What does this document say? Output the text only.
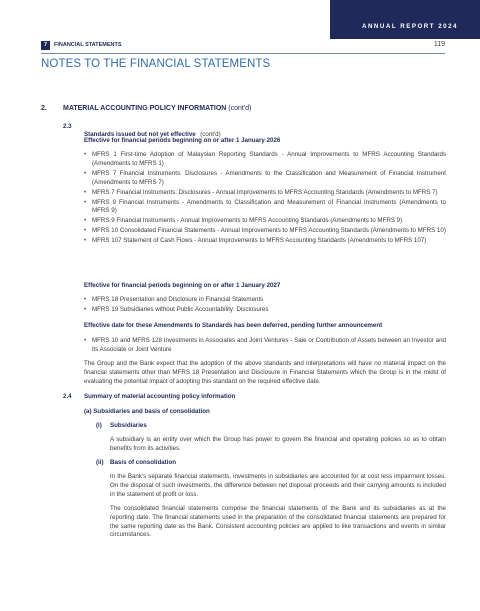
ANNUAL REPORT 2024
7	FINANCIAL STATEMENTS	119
NOTES TO THE FINANCIAL STATEMENTS
2. MATERIAL ACCOUNTING POLICY INFORMATION (cont'd)
2.3
Standards issued but not yet effective (cont'd)
Effective for financial periods beginning on or after 1 January 2026
• MFRS 1 First-time Adoption of Malaysian Reporting Standards - Annual Improvements to MFRS Accounting Standards (Amendments to MFRS 1)
• MFRS 7 Financial Instruments: Disclosures - Amendments to the Classification and Measurement of Financial Instrument (Amendments to MFRS 7)
• MFRS 7 Financial Instruments: Disclosures - Annual Improvements to MFRS Accounting Standards (Amendments to MFRS 7)
• MFRS 9 Financial Instruments - Amendments to Classification and Measurement of Financial Instruments (Amendments to MFRS 9)
• MFRS 9 Financial Instruments - Annual Improvements to MFRS Accounting Standards (Amendments to MFRS 9)
• MFRS 10 Consolidated Financial Statements - Annual Improvements to MFRS Accounting Standards (Amendments to MFRS 10)
• MFRS 107 Statement of Cash Flows - Annual Improvements to MFRS Accounting Standards (Amendments to MFRS 107)
Effective for financial periods beginning on or after 1 January 2027
• MFRS 18 Presentation and Disclosure in Financial Statements
• MFRS 19 Subsidiaries without Public Accountability: Disclosures
Effective date for these Amendments to Standards has been deferred, pending further announcement
• MFRS 10 and MFRS 128 Investments in Associates and Joint Ventures - Sale or Contribution of Assets between an Investor and its Associate or Joint Venture

The Group and the Bank expect that the adoption of the above standards and interpretations will have no material impact on the financial statements other than MFRS 18 Presentation and Disclosure in Financial Statements which the Group is in the midst of evaluating the potential impact of adopting this standard on the required effective date.

2.4 Summary of material accounting policy information
(a) Subsidiaries and basis of consolidation
(i) Subsidiaries

A subsidiary is an entity over which the Group has power to govern the financial and operating policies so as to obtain benefits from its activities.

(ii) Basis of consolidation

In the Bank's separate financial statements, investments in subsidiaries are accounted for at cost less impairment losses. On the disposal of such investments, the difference between net disposal proceeds and their carrying amounts is included in the statement of profit or loss.

The consolidated financial statements comprise the financial statements of the Bank and its subsidiaries as at the reporting date. The financial statements used in the preparation of the consolidated financial statements are prepared for the same reporting date as the Bank. Consistent accounting policies are applied to like transactions and events in similar circumstances.
